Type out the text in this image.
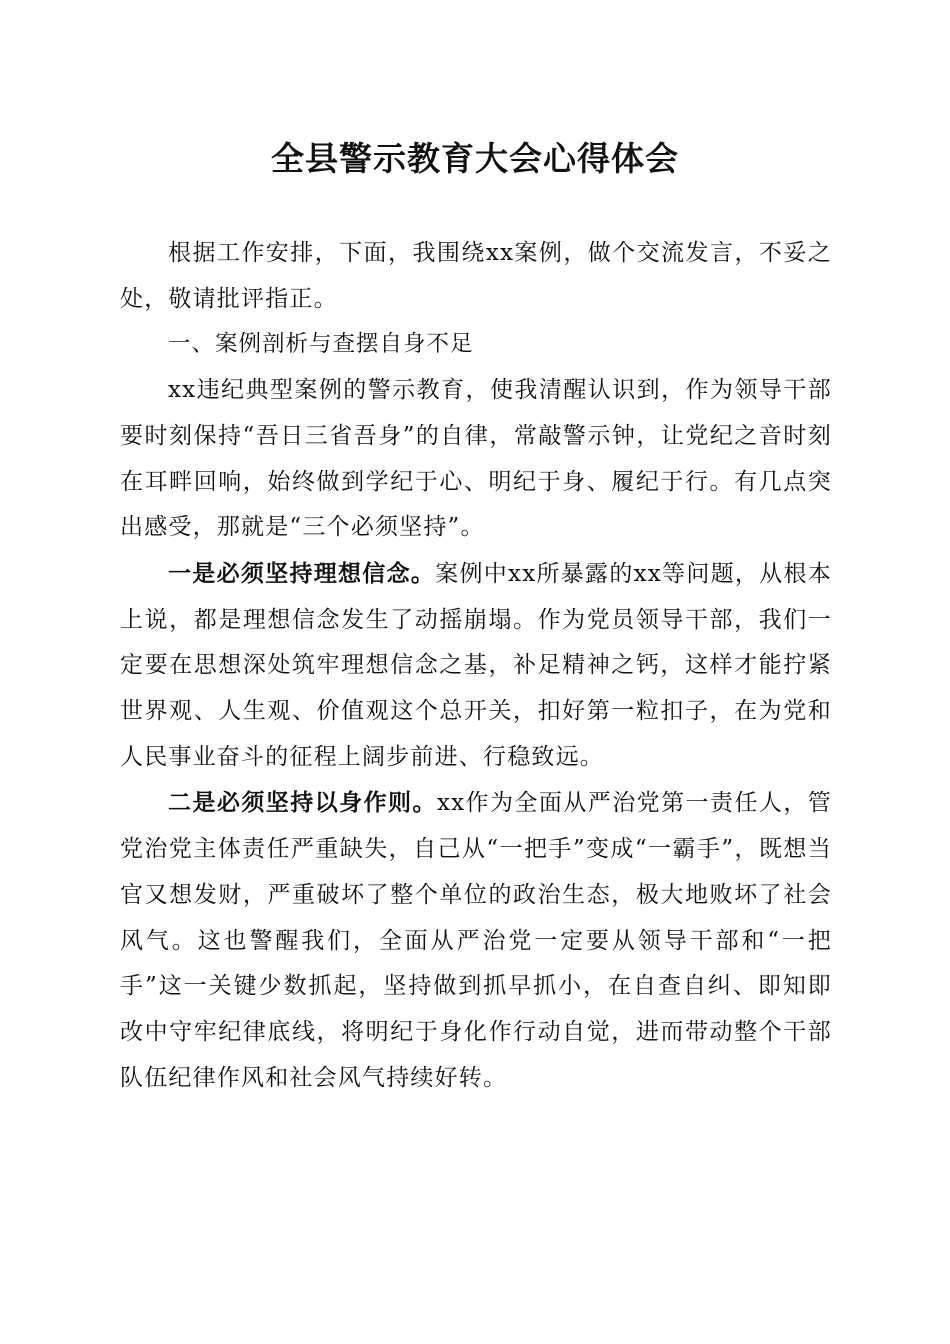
全县警示教育大会心得体会

根据工作安排，下面，我围绕xx案例，做个交流发言，不妥之处，敬请批评指正。

一、案例剖析与查摆自身不足

xx违纪典型案例的警示教育，使我清醒认识到，作为领导干部要时刻保持“吾日三省吾身”的自律，常敲警示钟，让党纪之音时刻在耳畔回响，始终做到学纪于心、明纪于身、履纪于行。有几点突出感受，那就是“三个必须坚持”。

一是必须坚持理想信念。案例中xx所暴露的xx等问题，从根本上说，都是理想信念发生了动摇崩塌。作为党员领导干部，我们一定要在思想深处筑牢理想信念之基，补足精神之钙，这样才能拧紧世界观、人生观、价值观这个总开关，扣好第一粒扣子，在为党和人民事业奋斗的征程上阔步前进、行稳致远。

二是必须坚持以身作则。xx作为全面从严治党第一责任人，管党治党主体责任严重缺失，自己从“一把手”变成“一霸手”，既想当官又想发财，严重破坏了整个单位的政治生态，极大地败坏了社会风气。这也警醒我们，全面从严治党一定要从领导干部和“一把手”这一关键少数抓起，坚持做到抓早抓小，在自查自纠、即知即改中守牢纪律底线，将明纪于身化作行动自觉，进而带动整个干部队伍纪律作风和社会风气持续好转。
